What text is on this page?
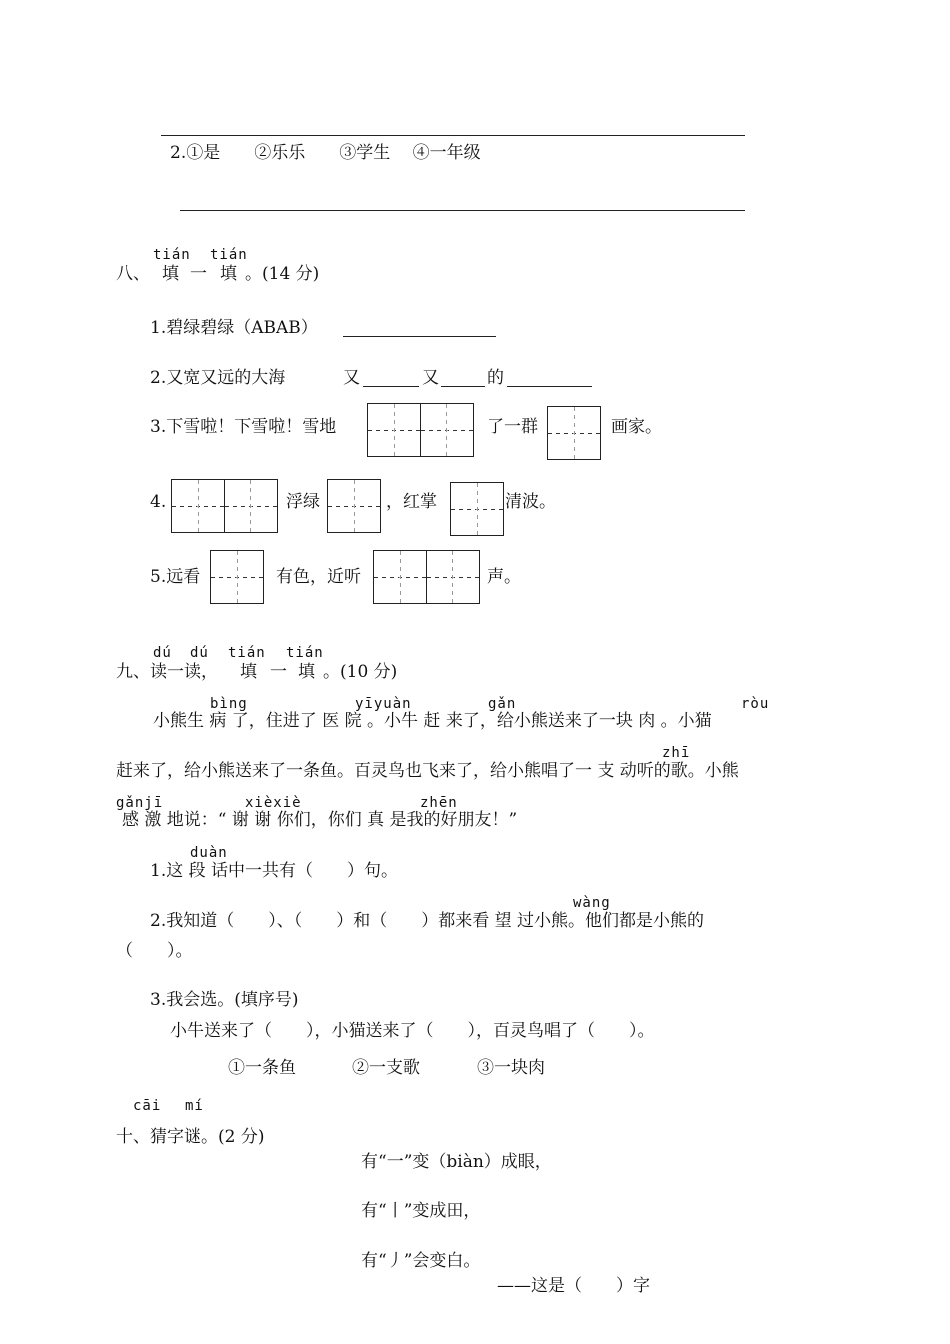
2.①是　　②乐乐　　③学生　 ④一年级
tián tián
八、 填 一 填 。(14 分)
1.碧绿碧绿（ABAB）
2.又宽又远的大海	又	又	的
3.下雪啦！下雪啦！雪地	了一群	画家。
4.	浮绿	，红掌	清波。
5.远看	有色，近听	声。
dú dú tián tián
九、读一读， 填 一 填 。(10 分)
bìng	yīyuàn	gǎn	ròu
小熊生 病 了，住进了 医 院 。小牛 赶 来了，给小熊送来了一块 肉 。小猫
zhī
赶来了，给小熊送来了一条鱼。百灵鸟也飞来了，给小熊唱了一 支 动听的歌。小熊
gǎnjī	xièxiè	zhēn
感 激 地说：“ 谢 谢 你们，你们 真 是我的好朋友！”
duàn
1.这 段 话中一共有（　　）句。
wàng
2.我知道（　　）、（　　）和（　　）都来看 望 过小熊。他们都是小熊的
（　　）。
3.我会选。(填序号)
小牛送来了（　　），小猫送来了（　　），百灵鸟唱了（　　）。
①一条鱼	②一支歌	③一块肉
cāi mí
十、猜字谜。(2 分)
有“一”变（biàn）成眼，
有“丨”变成田，
有“丿”会变白。
——这是（　　）字
